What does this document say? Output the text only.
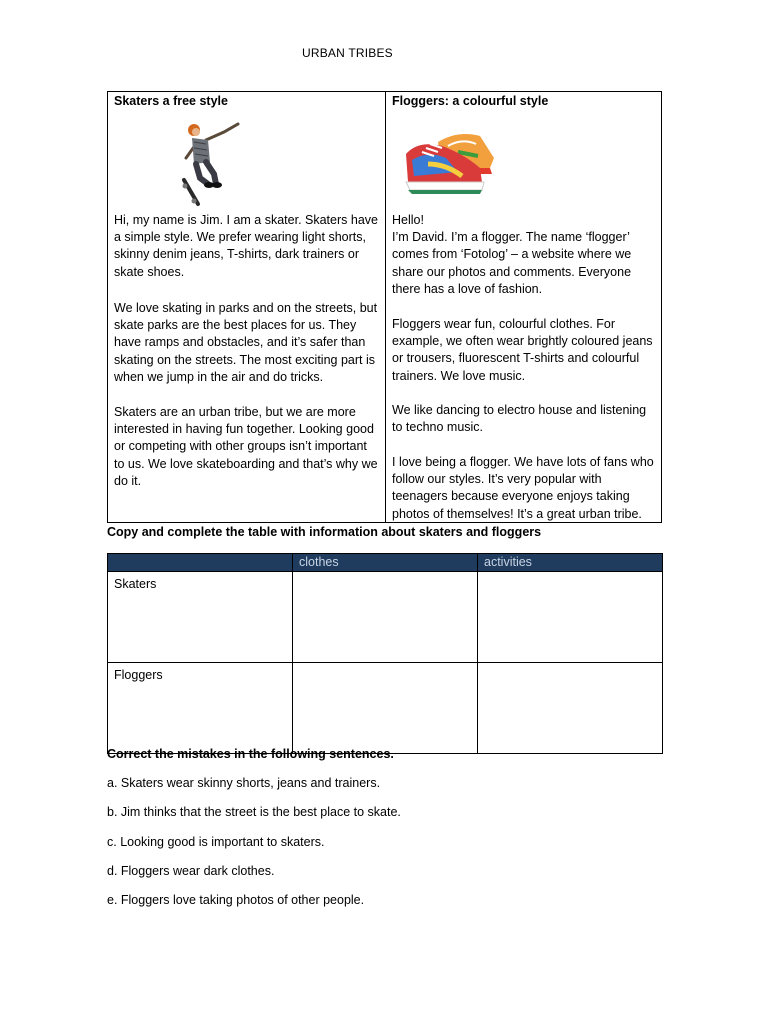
URBAN TRIBES
Skaters a free style
Hi, my name is Jim. I am a skater. Skaters have a simple style. We prefer wearing light shorts, skinny denim jeans, T-shirts, dark trainers or skate shoes.
We love skating in parks and on the streets, but skate parks are the best places for us. They have ramps and obstacles, and it’s safer than skating on the streets. The most exciting part is when we jump in the air and do tricks.
Skaters are an urban tribe, but we are more interested in having fun together. Looking good or competing with other groups isn’t important to us. We love skateboarding and that’s why we do it.
Floggers: a colourful style
Hello!
I’m David. I’m a flogger. The name ‘flogger’ comes from ‘Fotolog’ – a website where we share our photos and comments. Everyone there has a love of fashion.
Floggers wear fun, colourful clothes. For example, we often wear brightly coloured jeans or trousers, fluorescent T-shirts and colourful trainers. We love music.
We like dancing to electro house and listening to techno music.
I love being a flogger. We have lots of fans who follow our styles. It’s very popular with teenagers because everyone enjoys taking photos of themselves! It’s a great urban tribe.
Copy and complete the table with information about skaters and floggers
	clothes	activities
Skaters		
Floggers		
Correct the mistakes in the following sentences.
a. Skaters wear skinny shorts, jeans and trainers.
b. Jim thinks that the street is the best place to skate.
c. Looking good is important to skaters.
d. Floggers wear dark clothes.
e. Floggers love taking photos of other people.
